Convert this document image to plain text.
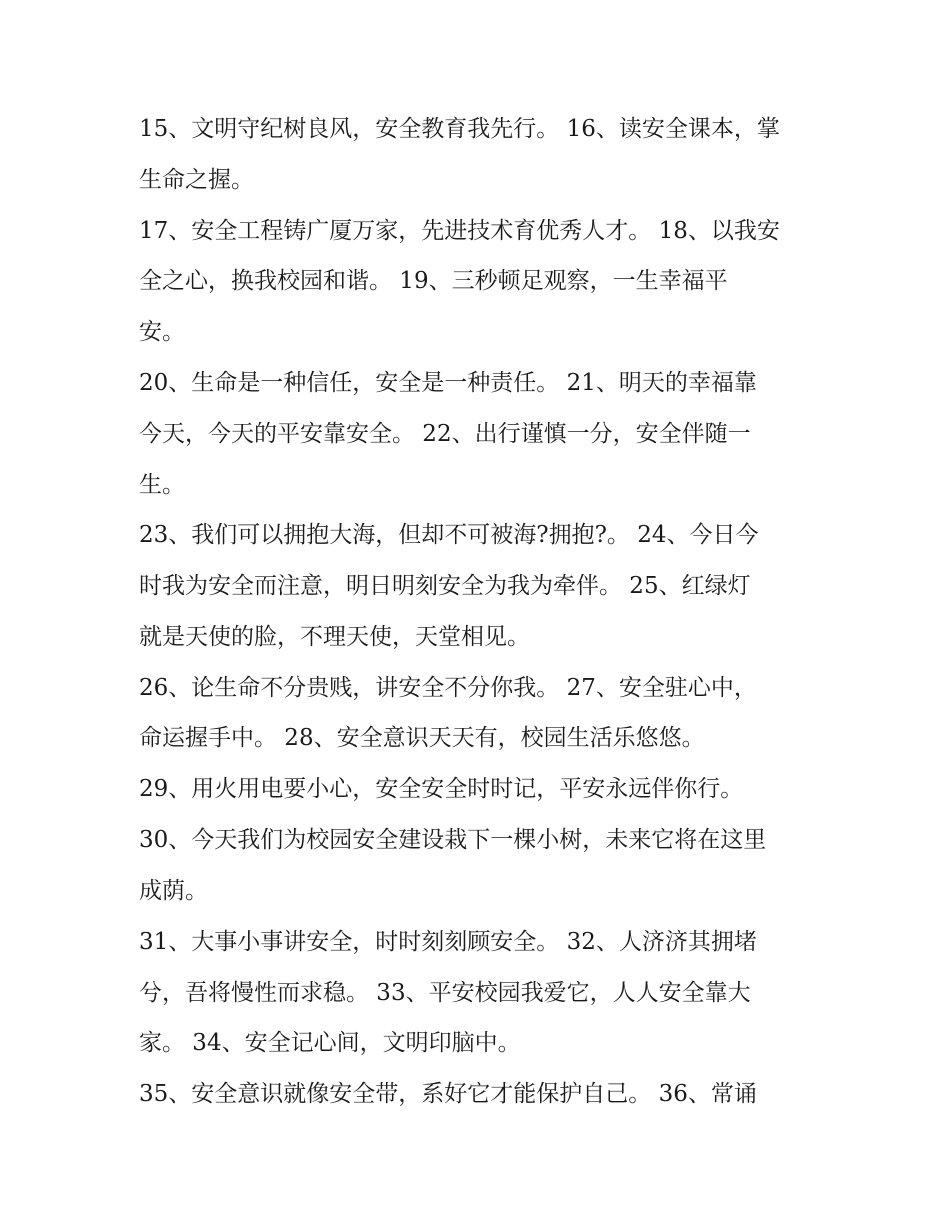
15、文明守纪树良风，安全教育我先行。 16、读安全课本，掌
生命之握。
17、安全工程铸广厦万家，先进技术育优秀人才。 18、以我安
全之心，换我校园和谐。 19、三秒顿足观察，一生幸福平
安。
20、生命是一种信任，安全是一种责任。 21、明天的幸福靠
今天，今天的平安靠安全。 22、出行谨慎一分，安全伴随一
生。
23、我们可以拥抱大海，但却不可被海?拥抱?。 24、今日今
时我为安全而注意，明日明刻安全为我为牵伴。 25、红绿灯
就是天使的脸，不理天使，天堂相见。
26、论生命不分贵贱，讲安全不分你我。 27、安全驻心中，
命运握手中。 28、安全意识天天有，校园生活乐悠悠。
29、用火用电要小心，安全安全时时记，平安永远伴你行。
30、今天我们为校园安全建设栽下一棵小树，未来它将在这里
成荫。
31、大事小事讲安全，时时刻刻顾安全。 32、人济济其拥堵
兮，吾将慢性而求稳。 33、平安校园我爱它，人人安全靠大
家。 34、安全记心间，文明印脑中。
35、安全意识就像安全带，系好它才能保护自己。 36、常诵
